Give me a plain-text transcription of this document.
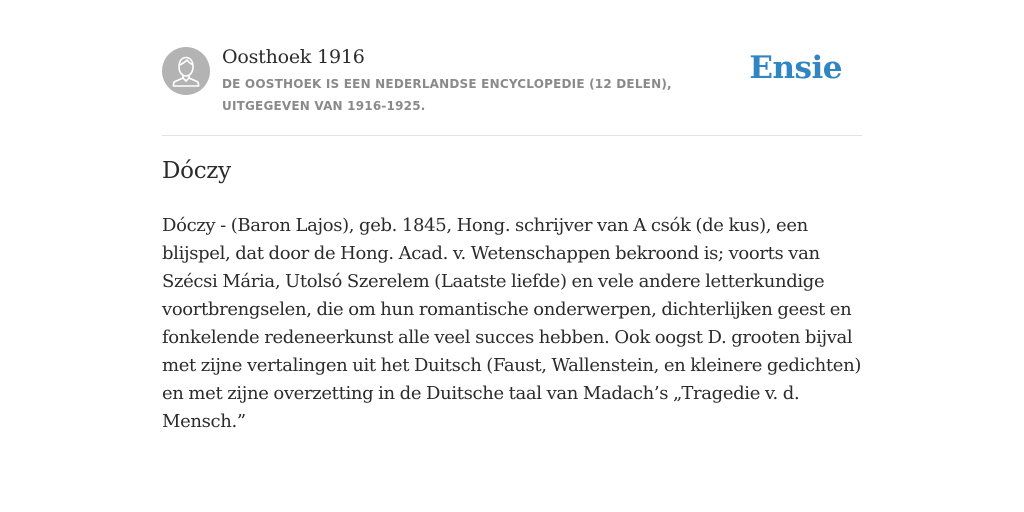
Oosthoek 1916
DE OOSTHOEK IS EEN NEDERLANDSE ENCYCLOPEDIE (12 DELEN), UITGEGEVEN VAN 1916-1925.
Ensie
Dóczy

Dóczy - (Baron Lajos), geb. 1845, Hong. schrijver van A csók (de kus), een blijspel, dat door de Hong. Acad. v. Wetenschappen bekroond is; voorts van Szécsi Mária, Utolsó Szerelem (Laatste liefde) en vele andere letterkundige voortbrengselen, die om hun romantische onderwerpen, dichterlijken geest en fonkelende redeneerkunst alle veel succes hebben. Ook oogst D. grooten bijval met zijne vertalingen uit het Duitsch (Faust, Wallenstein, en kleinere gedichten) en met zijne overzetting in de Duitsche taal van Madach’s „Tragedie v. d. Mensch.”
